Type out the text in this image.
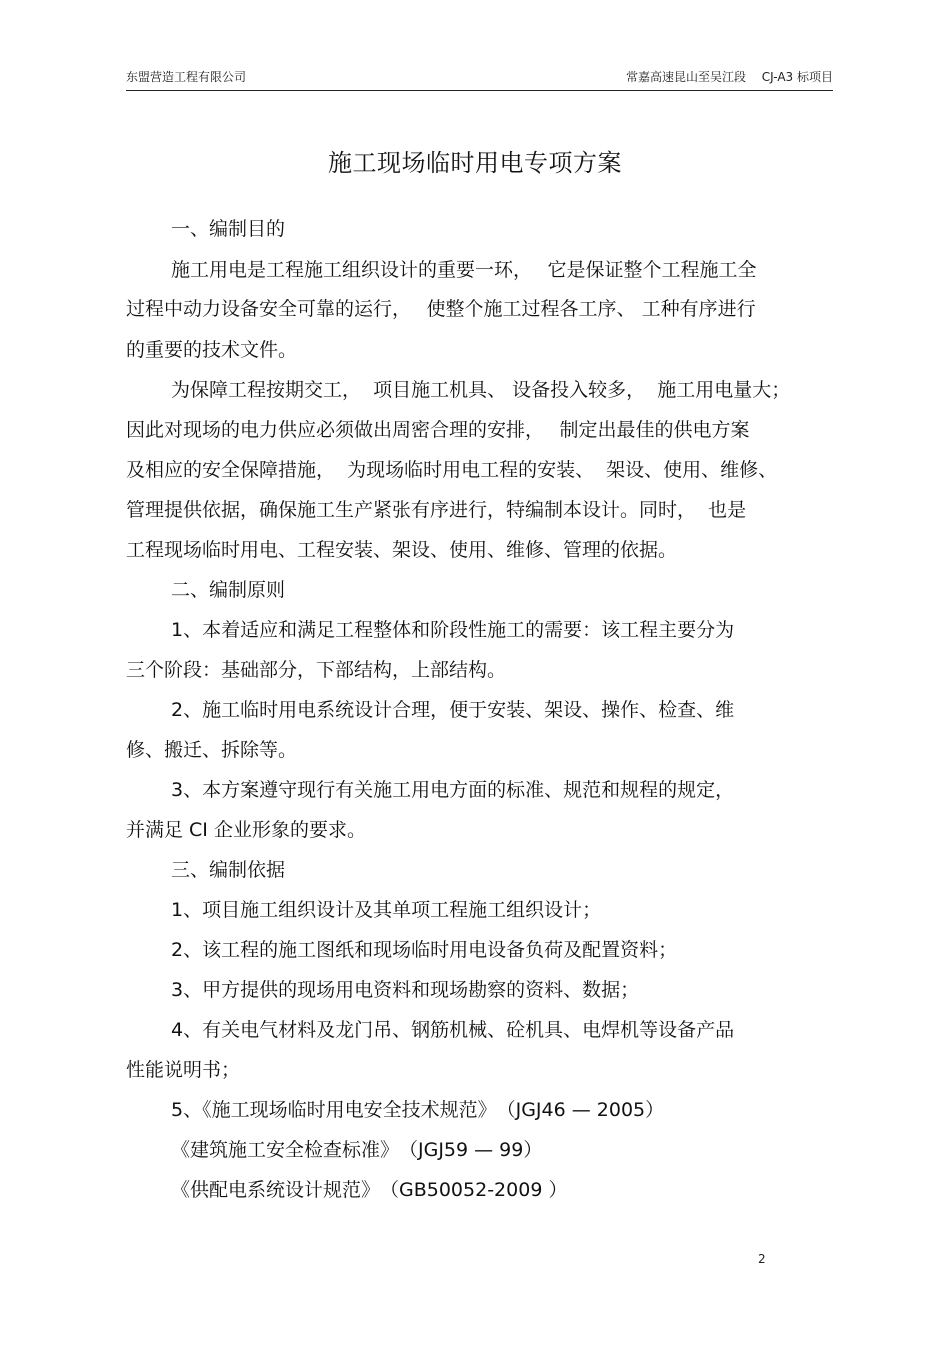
东盟营造工程有限公司	常嘉高速昆山至吴江段　 CJ-A3 标项目
施工现场临时用电专项方案
一、编制目的
施工用电是工程施工组织设计的重要一环，　 它是保证整个工程施工全
过程中动力设备安全可靠的运行，　 使整个施工过程各工序、 工种有序进行
的重要的技术文件。
为保障工程按期交工，  项目施工机具、 设备投入较多，  施工用电量大；
因此对现场的电力供应必须做出周密合理的安排，　 制定出最佳的供电方案
及相应的安全保障措施，  为现场临时用电工程的安装、  架设、使用、维修、
管理提供依据，确保施工生产紧张有序进行，特编制本设计。同时，  也是
工程现场临时用电、工程安装、架设、使用、维修、管理的依据。
二、编制原则
1、本着适应和满足工程整体和阶段性施工的需要：该工程主要分为
三个阶段：基础部分，下部结构，上部结构。
2、施工临时用电系统设计合理，便于安装、架设、操作、检查、维
修、搬迁、拆除等。
3、本方案遵守现行有关施工用电方面的标准、规范和规程的规定，
并满足 CI 企业形象的要求。
三、编制依据
1、项目施工组织设计及其单项工程施工组织设计；
2、该工程的施工图纸和现场临时用电设备负荷及配置资料；
3、甲方提供的现场用电资料和现场勘察的资料、数据；
4、有关电气材料及龙门吊、钢筋机械、砼机具、电焊机等设备产品
性能说明书；
5、《施工现场临时用电安全技术规范》　（JGJ46 — 2005）
《建筑施工安全检查标准》　（JGJ59 — 99）
《供配电系统设计规范》　（GB50052-2009 ）
2
